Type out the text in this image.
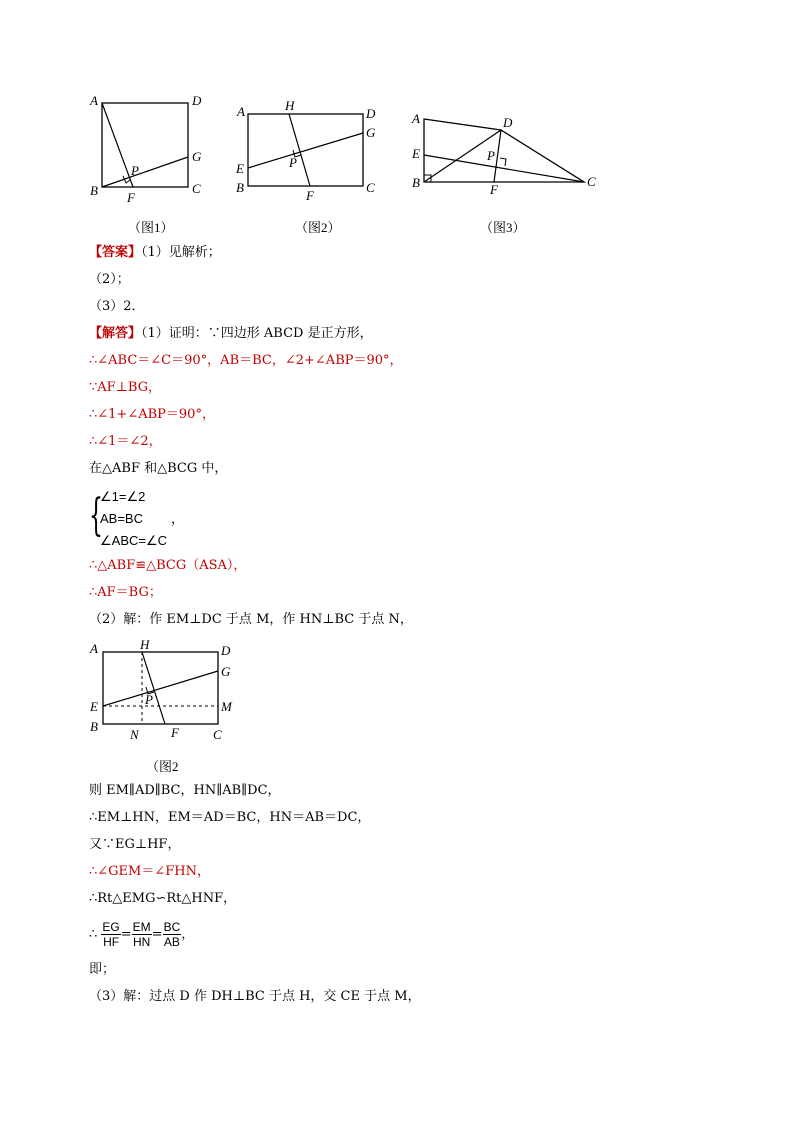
A	D
G
P
B F
C
（图1）
A	H
D
G
E	P
B
F
C
（图2）
A	D
E	P
B	F
C
（图3）
【答案】（1）见解析；
（2）；
（3）2．
【解答】（1）证明：∵四边形 ABCD 是正方形，
∴∠ABC＝∠C＝90°，AB＝BC，∠2+∠ABP＝90°，
∵AF⊥BG，
∴∠1+∠ABP＝90°，
∴∠1＝∠2，
在△ABF 和△BCG 中，
{
∠1=∠2
AB=BC ，
∠ABC=∠C
∴△ABF≌△BCG（ASA），
∴AF＝BG；
（2）解：作 EM⊥DC 于点 M，作 HN⊥BC 于点 N，
A	H	D
G
E	P	M
B
N F	C
（图2
则 EM∥AD∥BC，HN∥AB∥DC，
∴EM⊥HN，EM＝AD＝BC，HN＝AB＝DC，
又∵EG⊥HF，
∴∠GEM＝∠FHN，
∴Rt△EMG∽Rt△HNF，
∴ $\frac{EG}{HF} = \frac{EM}{HN} = \frac{BC}{AB}$ ，
即；
（3）解：过点 D 作 DH⊥BC 于点 H，交 CE 于点 M，
